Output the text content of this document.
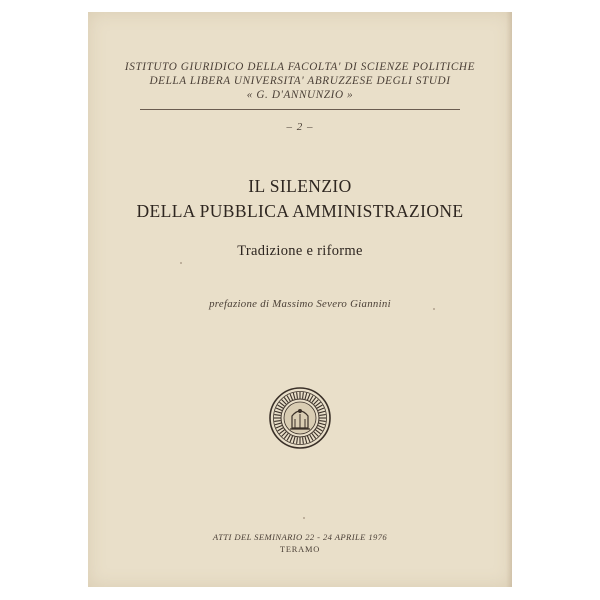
ISTITUTO GIURIDICO DELLA FACOLTA' DI SCIENZE POLITICHE
DELLA LIBERA UNIVERSITA' ABRUZZESE DEGLI STUDI
« G. D'ANNUNZIO »
– 2 –
IL SILENZIO
DELLA PUBBLICA AMMINISTRAZIONE
Tradizione e riforme
prefazione di Massimo Severo Giannini
ATTI DEL SEMINARIO 22 - 24 APRILE 1976
TERAMO
